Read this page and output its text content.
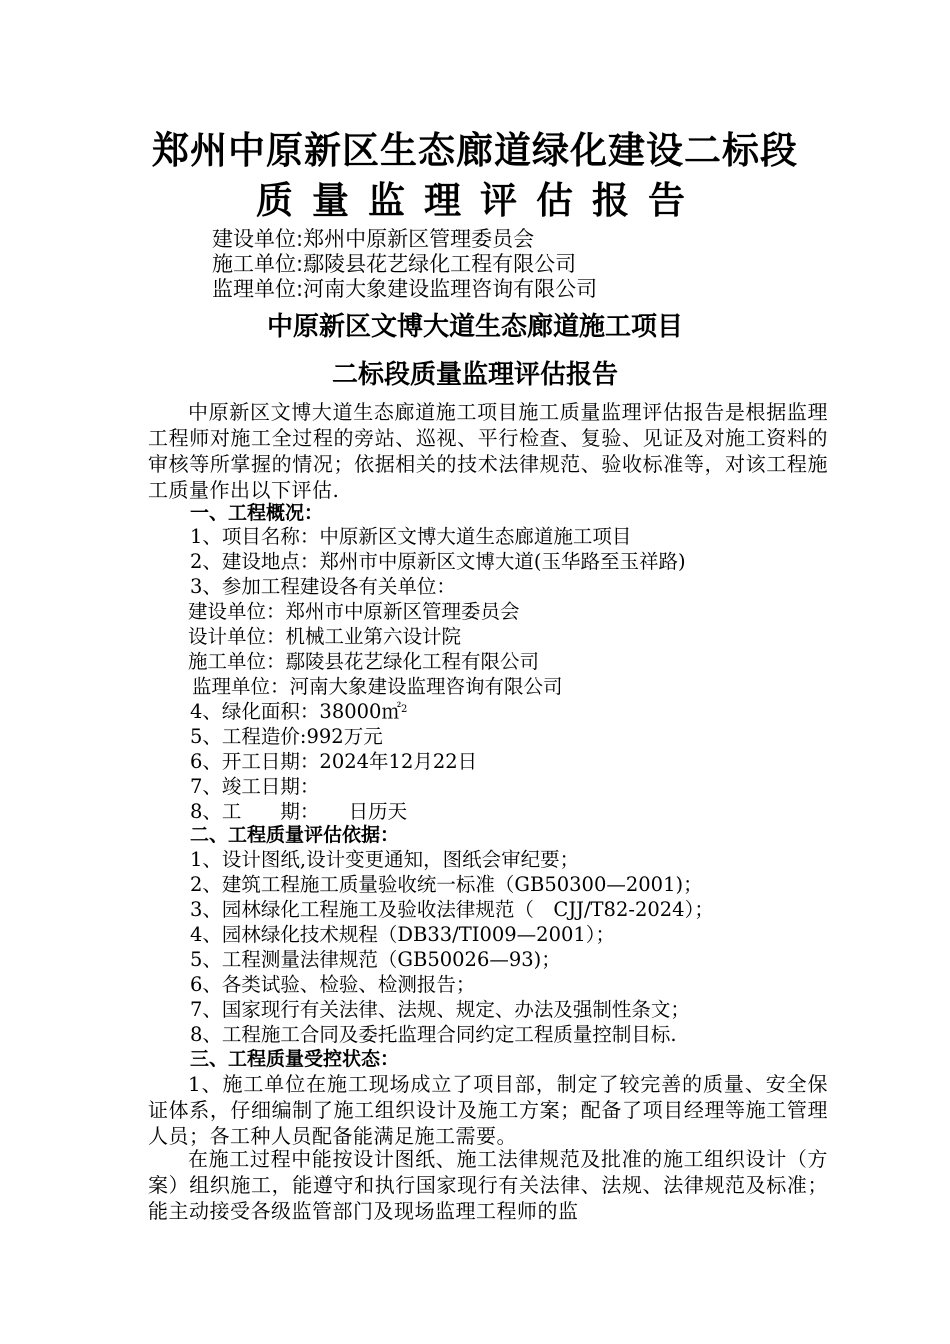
郑州中原新区生态廊道绿化建设二标段
质量监理评估报告
建设单位:郑州中原新区管理委员会
施工单位:鄢陵县花艺绿化工程有限公司
监理单位:河南大象建设监理咨询有限公司
中原新区文博大道生态廊道施工项目
二标段质量监理评估报告
中原新区文博大道生态廊道施工项目施工质量监理评估报告是根据监理工程师对施工全过程的旁站、巡视、平行检查、复验、见证及对施工资料的审核等所掌握的情况；依据相关的技术法律规范、验收标准等，对该工程施工质量作出以下评估.
一、工程概况：
1、项目名称：中原新区文博大道生态廊道施工项目
2、建设地点：郑州市中原新区文博大道(玉华路至玉祥路)
3、参加工程建设各有关单位：
建设单位：郑州市中原新区管理委员会
设计单位：机械工业第六设计院
施工单位：鄢陵县花艺绿化工程有限公司
监理单位：河南大象建设监理咨询有限公司
4、绿化面积：38000㎡$^2$
5、工程造价:992万元
6、开工日期：2024年12月22日
7、竣工日期：
8、工　　期：　　日历天
二、工程质量评估依据：
1、设计图纸,设计变更通知，图纸会审纪要；
2、建筑工程施工质量验收统一标准（GB50300—2001)；
3、园林绿化工程施工及验收法律规范（　CJJ/T82-2024）；
4、园林绿化技术规程（DB33/TI009—2001）；
5、工程测量法律规范（GB50026—93)；
6、各类试验、检验、检测报告；
7、国家现行有关法律、法规、规定、办法及强制性条文；
8、工程施工合同及委托监理合同约定工程质量控制目标.
三、工程质量受控状态：
1、施工单位在施工现场成立了项目部，制定了较完善的质量、安全保证体系，仔细编制了施工组织设计及施工方案；配备了项目经理等施工管理人员；各工种人员配备能满足施工需要。
在施工过程中能按设计图纸、施工法律规范及批准的施工组织设计（方案）组织施工，能遵守和执行国家现行有关法律、法规、法律规范及标准；能主动接受各级监管部门及现场监理工程师的监
